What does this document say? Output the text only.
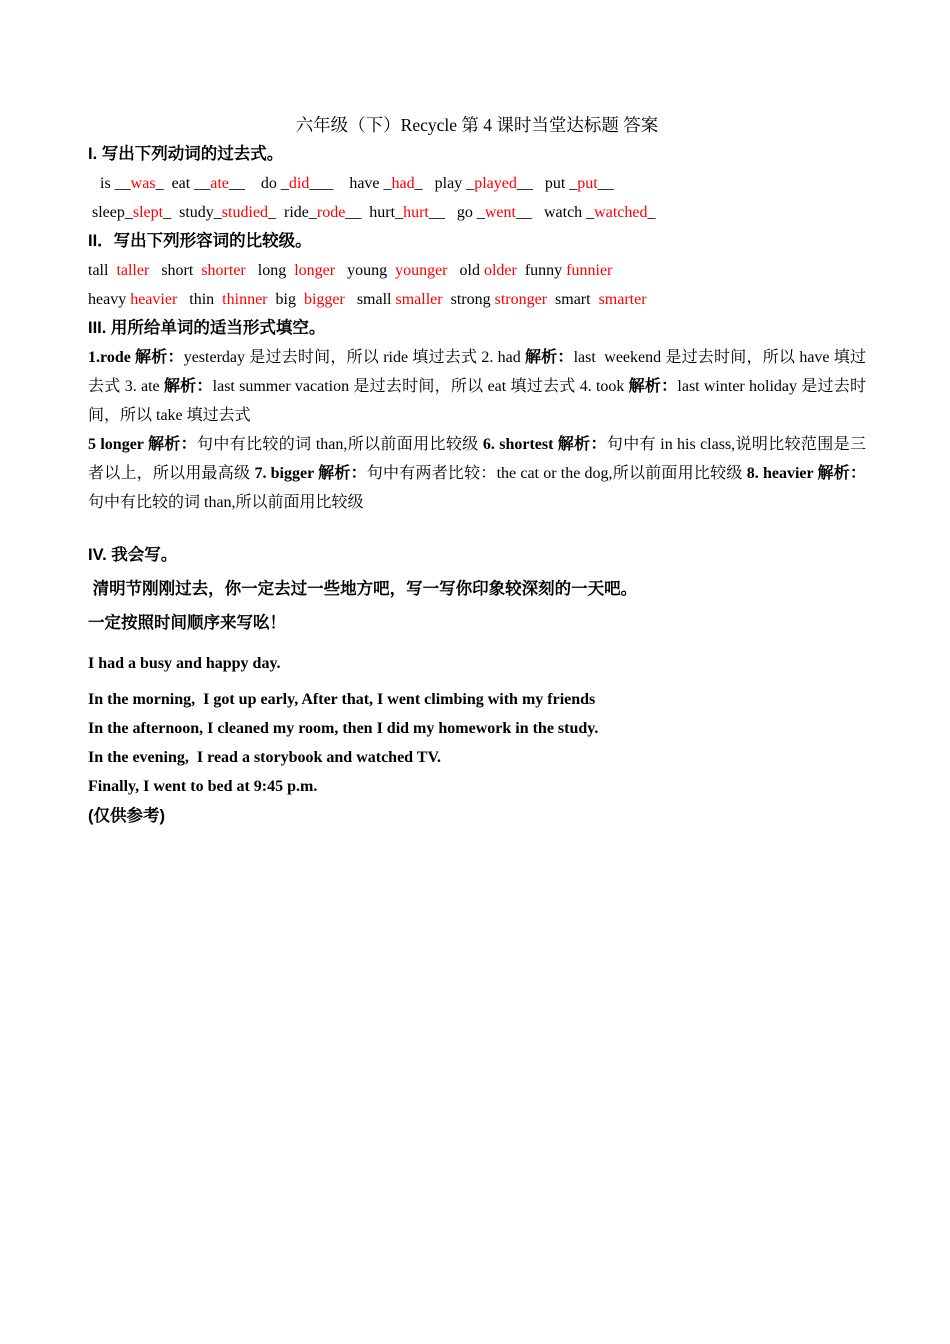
六年级（下）Recycle 第 4 课时当堂达标题 答案
I. 写出下列动词的过去式。
is __was_  eat __ate__    do _did___    have _had_   play _played__   put _put__
sleep_slept_  study_studied_  ride_rode__  hurt_hurt__   go _went__   watch _watched_
II．写出下列形容词的比较级。
tall  taller   short  shorter   long  longer   young  younger   old older  funny funnier
heavy heavier   thin  thinner  big  bigger   small smaller  strong stronger  smart  smarter
III. 用所给单词的适当形式填空。
1.rode 解析：yesterday 是过去时间，所以 ride 填过去式 2. had 解析：last  weekend 是过去时间，所以 have 填过去式 3. ate 解析：last summer vacation 是过去时间，所以 eat 填过去式 4. took 解析：last winter holiday 是过去时间，所以 take 填过去式
5 longer 解析：句中有比较的词 than,所以前面用比较级 6. shortest 解析：句中有 in his class,说明比较范围是三者以上，所以用最高级 7. bigger 解析：句中有两者比较：the cat or the dog,所以前面用比较级 8. heavier 解析：句中有比较的词 than,所以前面用比较级
IV. 我会写。
清明节刚刚过去，你一定去过一些地方吧，写一写你印象较深刻的一天吧。
一定按照时间顺序来写吆！
I had a busy and happy day.
In the morning,  I got up early, After that, I went climbing with my friends
In the afternoon, I cleaned my room, then I did my homework in the study.
In the evening,  I read a storybook and watched TV.
Finally, I went to bed at 9:45 p.m.
(仅供参考)
